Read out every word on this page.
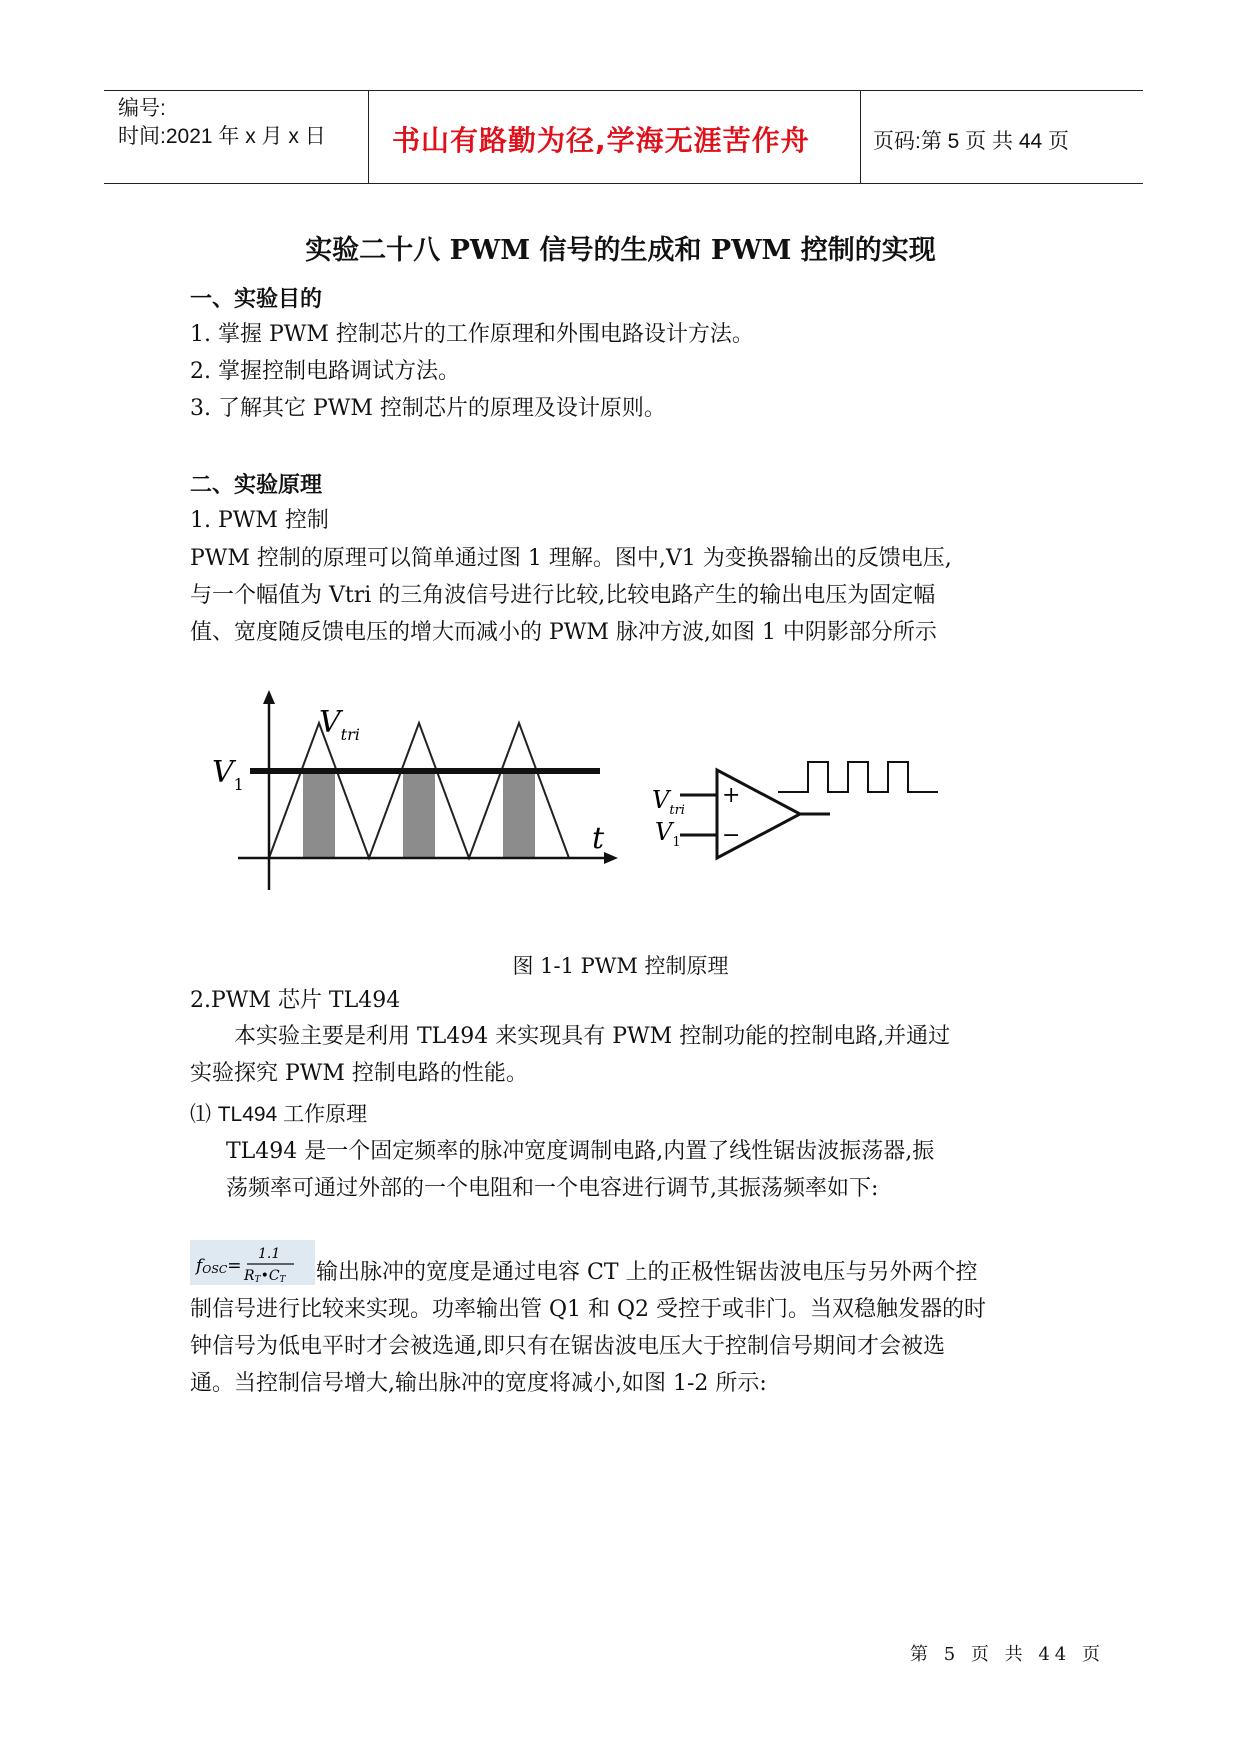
编号:
时间:2021 年 x 月 x 日 书山有路勤为径,学海无涯苦作舟	页码:第 5 页 共 44 页
实验二十八 PWM 信号的生成和 PWM 控制的实现
一、实验目的
1. 掌握 PWM 控制芯片的工作原理和外围电路设计方法。
2. 掌握控制电路调试方法。
3. 了解其它 PWM 控制芯片的原理及设计原则。
二、实验原理
1. PWM 控制
PWM 控制的原理可以简单通过图 1 理解。图中,V1 为变换器输出的反馈电压,
与一个幅值为 Vtri 的三角波信号进行比较,比较电路产生的输出电压为固定幅
值、宽度随反馈电压的增大而减小的 PWM 脉冲方波,如图 1 中阴影部分所示
$V_{tri}$
$V_1$
t
+
−
$V_{tri}$
$V_1$
图 1-1 PWM 控制原理
2.PWM 芯片 TL494
本实验主要是利用 TL494 来实现具有 PWM 控制功能的控制电路,并通过
实验探究 PWM 控制电路的性能。
⑴ TL494 工作原理
TL494 是一个固定频率的脉冲宽度调制电路,内置了线性锯齿波振荡器,振
荡频率可通过外部的一个电阻和一个电容进行调节,其振荡频率如下:
fOSC=
1.1
RT•CT	输出脉冲的宽度是通过电容 CT 上的正极性锯齿波电压与另外两个控
制信号进行比较来实现。功率输出管 Q1 和 Q2 受控于或非门。当双稳触发器的时
钟信号为低电平时才会被选通,即只有在锯齿波电压大于控制信号期间才会被选
通。当控制信号增大,输出脉冲的宽度将减小,如图 1-2 所示:
第 5 页 共 44 页
